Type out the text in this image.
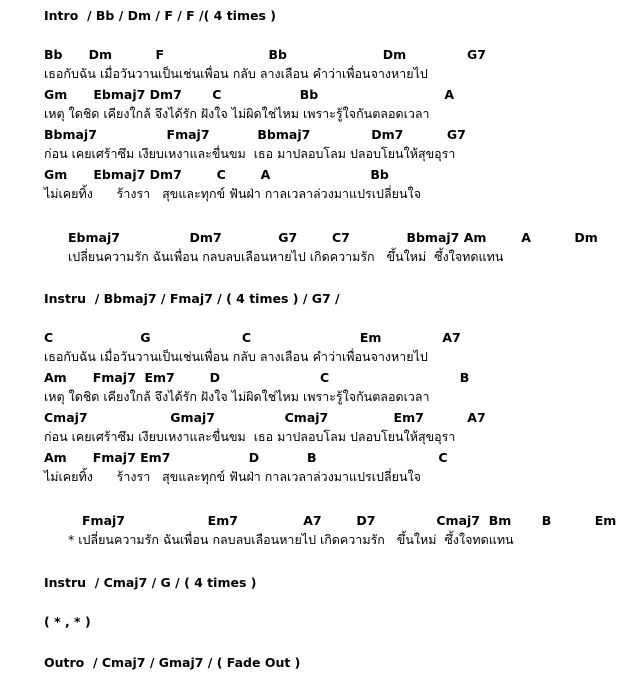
Intro  / Bb / Dm / F / F /( 4 times )
Bb      Dm          F                        Bb                      Dm              G7
เธอกับฉัน เมื่อวันวานเป็นเช่นเพื่อน กลับ ลางเลือน คำว่าเพื่อนจางหายไป
Gm      Ebmaj7 Dm7       C                  Bb                             A
เหตุ ใดชิด เคียงใกล้ จึงได้รัก ฝังใจ ไม่ผิดใช่ไหม เพราะรู้ใจกันตลอดเวลา
Bbmaj7                Fmaj7           Bbmaj7              Dm7          G7
ก่อน เคยเศร้าซึม เงียบเหงาและขื่นขม  เธอ มาปลอบโลม ปลอบโยนให้สุขอุรา
Gm      Ebmaj7 Dm7        C        A                       Bb
ไม่เคยทิ้ง      ร้างรา   สุขและทุกข์ ฟันฝ่า กาลเวลาล่วงมาแปรเปลี่ยนใจ
Ebmaj7                Dm7             G7        C7             Bbmaj7 Am        A          Dm
เปลี่ยนความรัก ฉันเพื่อน กลบลบเลือนหายไป เกิดความรัก   ขึ้นใหม่  ซึ้งใจทดแทน
Instru  / Bbmaj7 / Fmaj7 / ( 4 times ) / G7 /
C                    G                     C                         Em              A7
เธอกับฉัน เมื่อวันวานเป็นเช่นเพื่อน กลับ ลางเลือน คำว่าเพื่อนจางหายไป
Am      Fmaj7  Em7        D                       C                              B
เหตุ ใดชิด เคียงใกล้ จึงได้รัก ฝังใจ ไม่ผิดใช่ไหม เพราะรู้ใจกันตลอดเวลา
Cmaj7                   Gmaj7                Cmaj7               Em7          A7
ก่อน เคยเศร้าซึม เงียบเหงาและขื่นขม  เธอ มาปลอบโลม ปลอบโยนให้สุขอุรา
Am      Fmaj7 Em7                  D           B                            C
ไม่เคยทิ้ง      ร้างรา   สุขและทุกข์ ฟันฝ่า กาลเวลาล่วงมาแปรเปลี่ยนใจ
Fmaj7                   Em7               A7        D7              Cmaj7  Bm       B          Em
* เปลี่ยนความรัก ฉันเพื่อน กลบลบเลือนหายไป เกิดความรัก   ขึ้นใหม่  ซึ้งใจทดแทน
Instru  / Cmaj7 / G / ( 4 times )
( * , * )
Outro  / Cmaj7 / Gmaj7 / ( Fade Out )
